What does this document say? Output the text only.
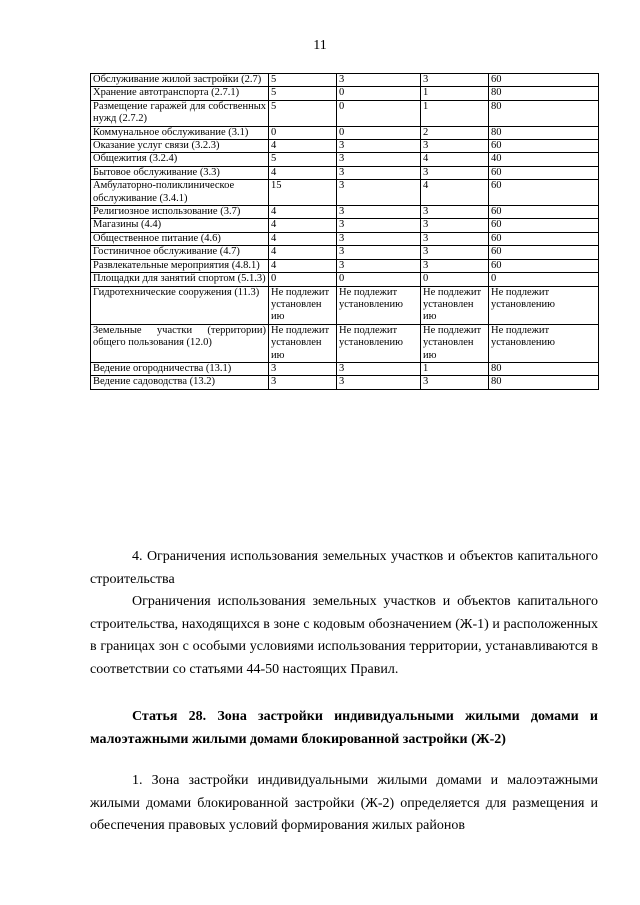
11
Обслуживание жилой застройки (2.7)	5	3	3	60
Хранение автотранспорта (2.7.1)	5	0	1	80
Размещение гаражей для собственных нужд (2.7.2)	5	0	1	80
Коммунальное обслуживание (3.1)	0	0	2	80
Оказание услуг связи (3.2.3)	4	3	3	60
Общежития (3.2.4)	5	3	4	40
Бытовое обслуживание (3.3)	4	3	3	60
Амбулаторно-поликлиническое обслуживание (3.4.1)	15	3	4	60
Религиозное использование (3.7)	4	3	3	60
Магазины (4.4)	4	3	3	60
Общественное питание (4.6)	4	3	3	60
Гостиничное обслуживание (4.7)	4	3	3	60
Развлекательные мероприятия (4.8.1)	4	3	3	60
Площадки для занятий спортом (5.1.3)	0	0	0	0
Гидротехнические сооружения (11.3)	Не подлежит установлен ию	Не подлежит установлению	Не подлежит установлен ию	Не подлежит установлению
Земельные участки (территории) общего пользования (12.0)	Не подлежит установлен ию	Не подлежит установлению	Не подлежит установлен ию	Не подлежит установлению
Ведение огородничества (13.1)	3	3	1	80
Ведение садоводства (13.2)	3	3	3	80

4. Ограничения использования земельных участков и объектов капитального строительства

Ограничения использования земельных участков и объектов капитального строительства, находящихся в зоне с кодовым обозначением (Ж-1) и расположенных в границах зон с особыми условиями использования территории, устанавливаются в соответствии со статьями 44-50 настоящих Правил.

Статья 28. Зона застройки индивидуальными жилыми домами и малоэтажными жилыми домами блокированной застройки (Ж-2)

1. Зона застройки индивидуальными жилыми домами и малоэтажными жилыми домами блокированной застройки (Ж-2) определяется для размещения и обеспечения правовых условий формирования жилых районов
